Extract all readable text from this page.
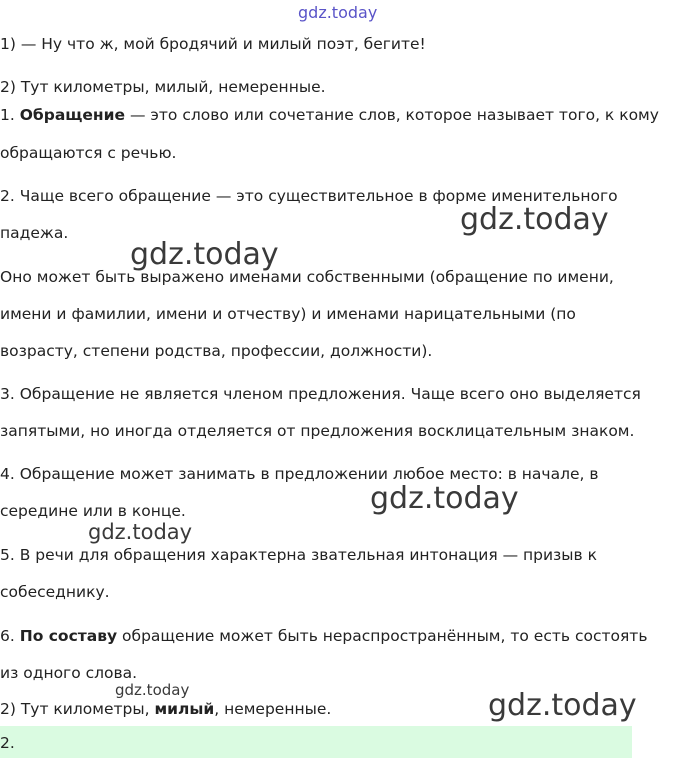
gdz.today
1) — Ну что ж, мой бродячий и милый поэт, бегите!
2) Тут километры, милый, немеренные.
1. Обращение — это слово или сочетание слов, которое называет того, к кому
обращаются с речью.
2. Чаще всего обращение — это существительное в форме именительного
падежа.
Оно может быть выражено именами собственными (обращение по имени,
имени и фамилии, имени и отчеству) и именами нарицательными (по
возрасту, степени родства, профессии, должности).
3. Обращение не является членом предложения. Чаще всего оно выделяется
запятыми, но иногда отделяется от предложения восклицательным знаком.
4. Обращение может занимать в предложении любое место: в начале, в
середине или в конце.
5. В речи для обращения характерна звательная интонация — призыв к
собеседнику.
6. По составу обращение может быть нераспространённым, то есть состоять
из одного слова.
2) Тут километры, милый, немеренные.
2.
gdz.today
gdz.today
gdz.today
gdz.today
gdz.today	gdz.today
